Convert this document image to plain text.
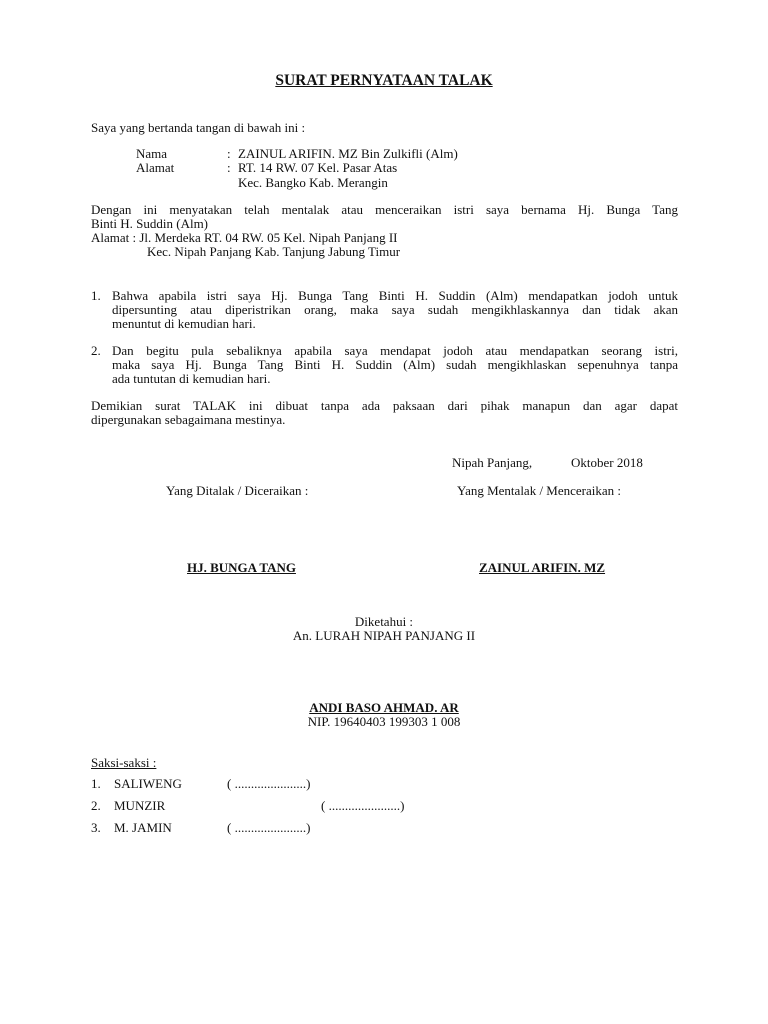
SURAT PERNYATAAN TALAK
Saya yang bertanda tangan di bawah ini :
Nama	: ZAINUL ARIFIN. MZ Bin Zulkifli (Alm)
Alamat	: RT. 14 RW. 07 Kel. Pasar Atas
Kec. Bangko Kab. Merangin
Dengan ini menyatakan telah mentalak atau menceraikan istri saya bernama Hj. Bunga Tang
Binti H. Suddin (Alm)
Alamat : Jl. Merdeka RT. 04 RW. 05 Kel. Nipah Panjang II
Kec. Nipah Panjang Kab. Tanjung Jabung Timur
1. Bahwa apabila istri saya Hj. Bunga Tang Binti H. Suddin (Alm) mendapatkan jodoh untuk
dipersunting atau diperistrikan orang, maka saya sudah mengikhlaskannya dan tidak akan
menuntut di kemudian hari.
2. Dan begitu pula sebaliknya apabila saya mendapat jodoh atau mendapatkan seorang istri,
maka saya Hj. Bunga Tang Binti H. Suddin (Alm) sudah mengikhlaskan sepenuhnya tanpa
ada tuntutan di kemudian hari.
Demikian surat TALAK ini dibuat tanpa ada paksaan dari pihak manapun dan agar dapat
dipergunakan sebagaimana mestinya.
Nipah Panjang,	Oktober 2018
Yang Ditalak / Diceraikan :	Yang Mentalak / Menceraikan :
HJ. BUNGA TANG	ZAINUL ARIFIN. MZ
Diketahui :
An. LURAH NIPAH PANJANG II
ANDI BASO AHMAD. AR
NIP. 19640403 199303 1 008
Saksi-saksi :
1. SALIWENG	( ......................)
2. MUNZIR	( ......................)
3. M. JAMIN	( ......................)
